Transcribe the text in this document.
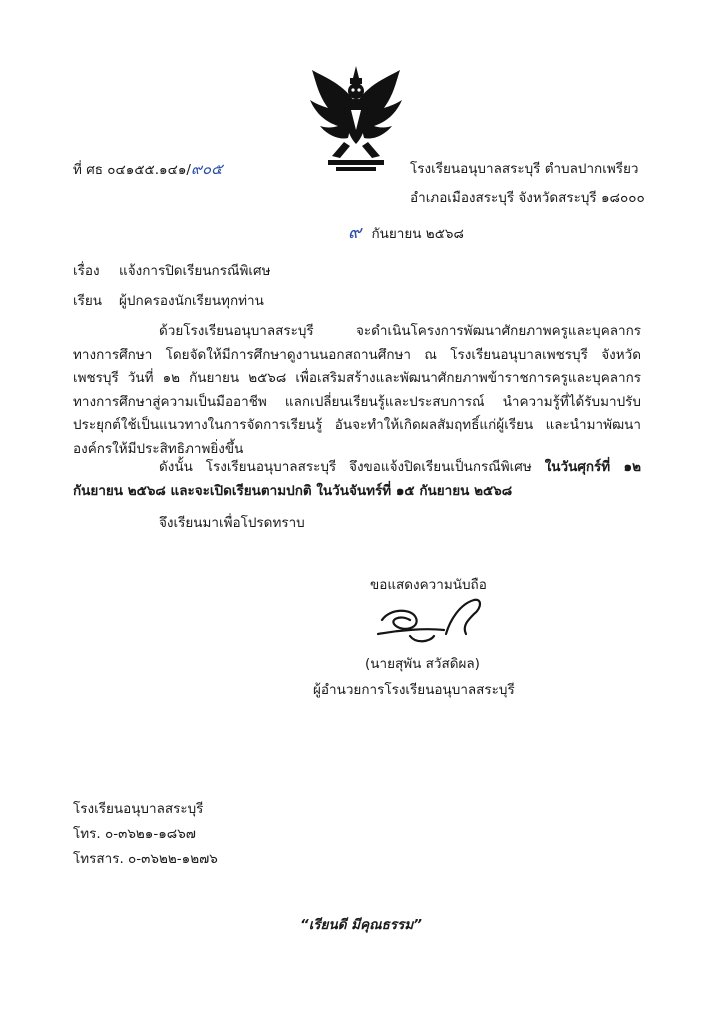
ที่ ศธ ๐๔๑๕๕.๑๔๑/๙๐๕	โรงเรียนอนุบาลสระบุรี ตำบลปากเพรียว
อำเภอเมืองสระบุรี จังหวัดสระบุรี ๑๘๐๐๐
๙ กันยายน ๒๕๖๘
เรื่อง แจ้งการปิดเรียนกรณีพิเศษ
เรียน ผู้ปกครองนักเรียนทุกท่าน
ด้วยโรงเรียนอนุบาลสระบุรี จะดำเนินโครงการพัฒนาศักยภาพครูและบุคลากรทางการศึกษา โดยจัดให้มีการศึกษาดูงานนอกสถานศึกษา ณ โรงเรียนอนุบาลเพชรบุรี จังหวัดเพชรบุรี วันที่ ๑๒ กันยายน ๒๕๖๘ เพื่อเสริมสร้างและพัฒนาศักยภาพข้าราชการครูและบุคลากรทางการศึกษาสู่ความเป็นมืออาชีพ แลกเปลี่ยนเรียนรู้และประสบการณ์ นำความรู้ที่ได้รับมาปรับประยุกต์ใช้เป็นแนวทางในการจัดการเรียนรู้ อันจะทำให้เกิดผลสัมฤทธิ์แก่ผู้เรียน และนำมาพัฒนาองค์กรให้มีประสิทธิภาพยิ่งขึ้น
ดังนั้น โรงเรียนอนุบาลสระบุรี จึงขอแจ้งปิดเรียนเป็นกรณีพิเศษ ในวันศุกร์ที่ ๑๒ กันยายน ๒๕๖๘ และจะเปิดเรียนตามปกติ ในวันจันทร์ที่ ๑๕ กันยายน ๒๕๖๘
จึงเรียนมาเพื่อโปรดทราบ
ขอแสดงความนับถือ
(นายสุพัน สวัสดิผล)
ผู้อำนวยการโรงเรียนอนุบาลสระบุรี
โรงเรียนอนุบาลสระบุรี
โทร. ๐-๓๖๒๑-๑๘๖๗
โทรสาร. ๐-๓๖๒๒-๑๒๗๖
“เรียนดี มีคุณธรรม”
